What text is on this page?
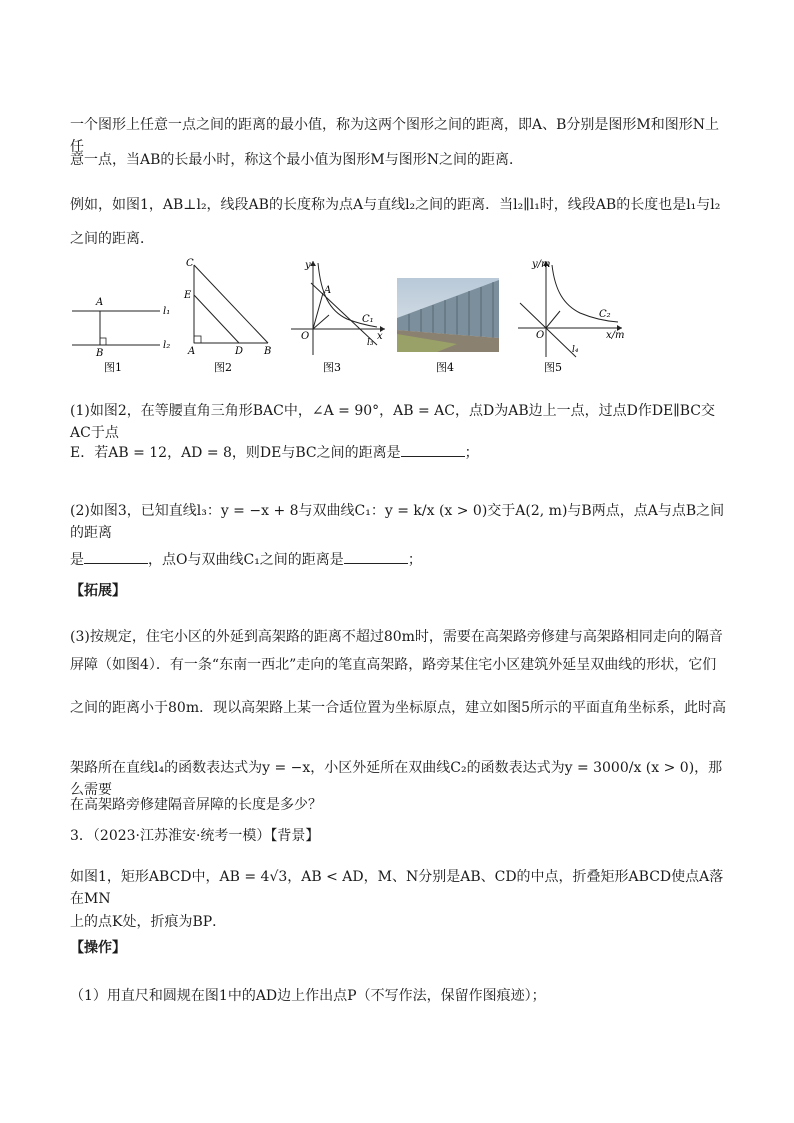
一个图形上任意一点之间的距离的最小值，称为这两个图形之间的距离，即A、B分别是图形M和图形N上任
意一点，当AB的长最小时，称这个最小值为图形M与图形N之间的距离．
例如，如图1，AB⊥l₂，线段AB的长度称为点A与直线l₂之间的距离．当l₂∥l₁时，线段AB的长度也是l₁与l₂
之间的距离．
A
B
l₁
l₂
图1
C
E
A	D B
图2
y
A
C₁
O
l₃
x
图3	图4
y/m
C₂
O	x/m
l₄
图5
(1)如图2，在等腰直角三角形BAC中，∠A = 90°，AB = AC，点D为AB边上一点，过点D作DE∥BC交AC于点
E．若AB = 12，AD = 8，则DE与BC之间的距离是	；
(2)如图3，已知直线l₃：y = −x + 8与双曲线C₁：y = k/x (x > 0)交于A(2, m)与B两点，点A与点B之间的距离
是	，点O与双曲线C₁之间的距离是	；
【拓展】
(3)按规定，住宅小区的外延到高架路的距离不超过80m时，需要在高架路旁修建与高架路相同走向的隔音
屏障（如图4）．有一条“东南一西北”走向的笔直高架路，路旁某住宅小区建筑外延呈双曲线的形状，它们
之间的距离小于80m．现以高架路上某一合适位置为坐标原点，建立如图5所示的平面直角坐标系，此时高
架路所在直线l₄的函数表达式为y = −x，小区外延所在双曲线C₂的函数表达式为y = 3000/x (x > 0)，那么需要
在高架路旁修建隔音屏障的长度是多少？
3．（2023·江苏淮安·统考一模）【背景】
如图1，矩形ABCD中，AB = 4√3，AB < AD，M、N分别是AB、CD的中点，折叠矩形ABCD使点A落在MN
上的点K处，折痕为BP．
【操作】
（1）用直尺和圆规在图1中的AD边上作出点P（不写作法，保留作图痕迹）；
